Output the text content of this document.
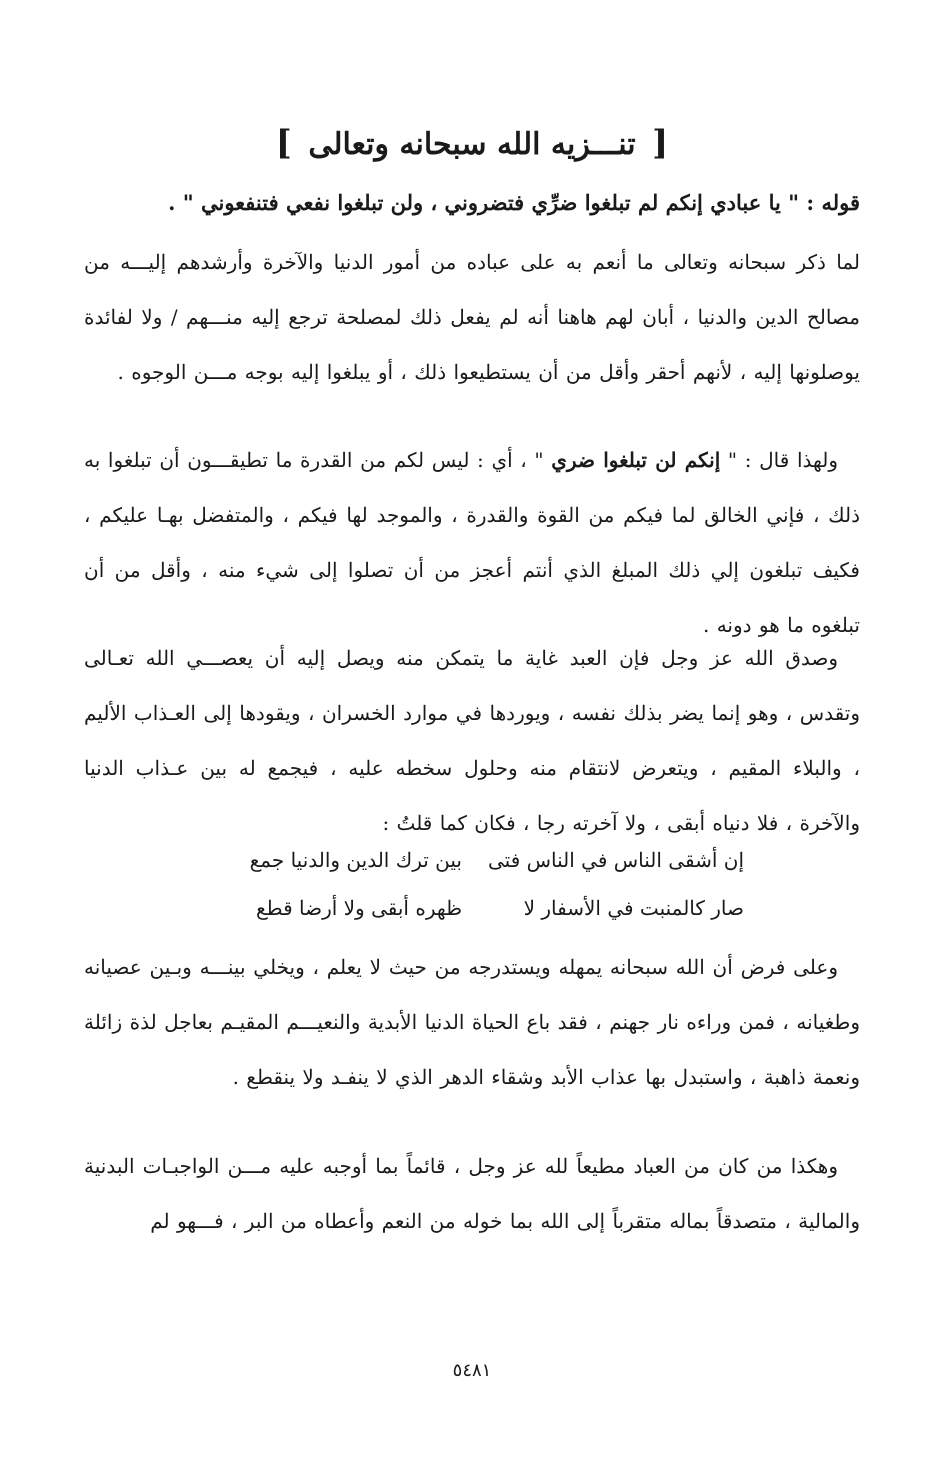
[ تنـــزيه الله سبحانه وتعالى ]
قوله : " يا عبادي إنكم لم تبلغوا ضرِّي فتضروني ، ولن تبلغوا نفعي فتنفعوني " .
لما ذكر سبحانه وتعالى ما أنعم به على عباده من أمور الدنيا والآخرة وأرشدهم إليـــه من مصالح الدين والدنيا ، أبان لهم هاهنا أنه لم يفعل ذلك لمصلحة ترجع إليه منـــهم / ولا لفائدة يوصلونها إليه ، لأنهم أحقر وأقل من أن يستطيعوا ذلك ، أو يبلغوا إليه بوجه مـــن الوجوه .
ولهذا قال : " إنكم لن تبلغوا ضري " ، أي : ليس لكم من القدرة ما تطيقـــون أن تبلغوا به ذلك ، فإني الخالق لما فيكم من القوة والقدرة ، والموجد لها فيكم ، والمتفضل بهـا عليكم ، فكيف تبلغون إلي ذلك المبلغ الذي أنتم أعجز من أن تصلوا إلى شيء منه ، وأقل من أن تبلغوه ما هو دونه .
وصدق الله عز وجل فإن العبد غاية ما يتمكن منه ويصل إليه أن يعصـــي الله تعـالى وتقدس ، وهو إنما يضر بذلك نفسه ، ويوردها في موارد الخسران ، ويقودها إلى العـذاب الأليم ، والبلاء المقيم ، ويتعرض لانتقام منه وحلول سخطه عليه ، فيجمع له بين عـذاب الدنيا والآخرة ، فلا دنياه أبقى ، ولا آخرته رجا ، فكان كما قلتُ :
إن أشقى الناس في الناس فتىبين ترك الدين والدنيا جمع
صار كالمنبت في الأسفار لاظهره أبقى ولا أرضا قطع
وعلى فرض أن الله سبحانه يمهله ويستدرجه من حيث لا يعلم ، ويخلي بينـــه وبـين عصيانه وطغيانه ، فمن وراءه نار جهنم ، فقد باع الحياة الدنيا الأبدية والنعيـــم المقيـم بعاجل لذة زائلة ونعمة ذاهبة ، واستبدل بها عذاب الأبد وشقاء الدهر الذي لا ينفـد ولا ينقطع .
وهكذا من كان من العباد مطيعاً لله عز وجل ، قائماً بما أوجبه عليه مـــن الواجبـات البدنية والمالية ، متصدقاً بماله متقرباً إلى الله بما خوله من النعم وأعطاه من البر ، فـــهو لم
٥٤٨١
